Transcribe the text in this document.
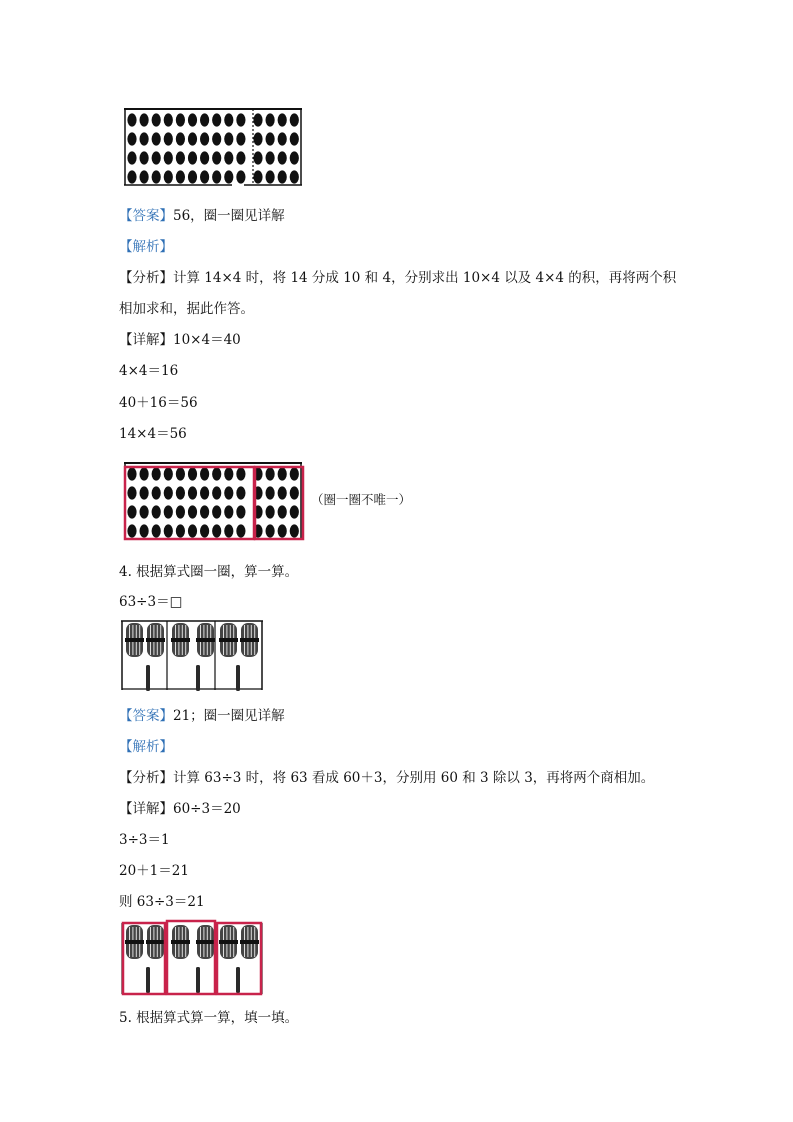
【答案】56，圈一圈见详解
【解析】
【分析】计算 14×4 时，将 14 分成 10 和 4，分别求出 10×4 以及 4×4 的积，再将两个积
相加求和，据此作答。
【详解】10×4＝40
4×4＝16
40＋16＝56
14×4＝56
（圈一圈不唯一）
4. 根据算式圈一圈，算一算。
63÷3＝□
【答案】21；圈一圈见详解
【解析】
【分析】计算 63÷3 时，将 63 看成 60＋3，分别用 60 和 3 除以 3，再将两个商相加。
【详解】60÷3＝20
3÷3＝1
20＋1＝21
则 63÷3＝21
5. 根据算式算一算，填一填。
